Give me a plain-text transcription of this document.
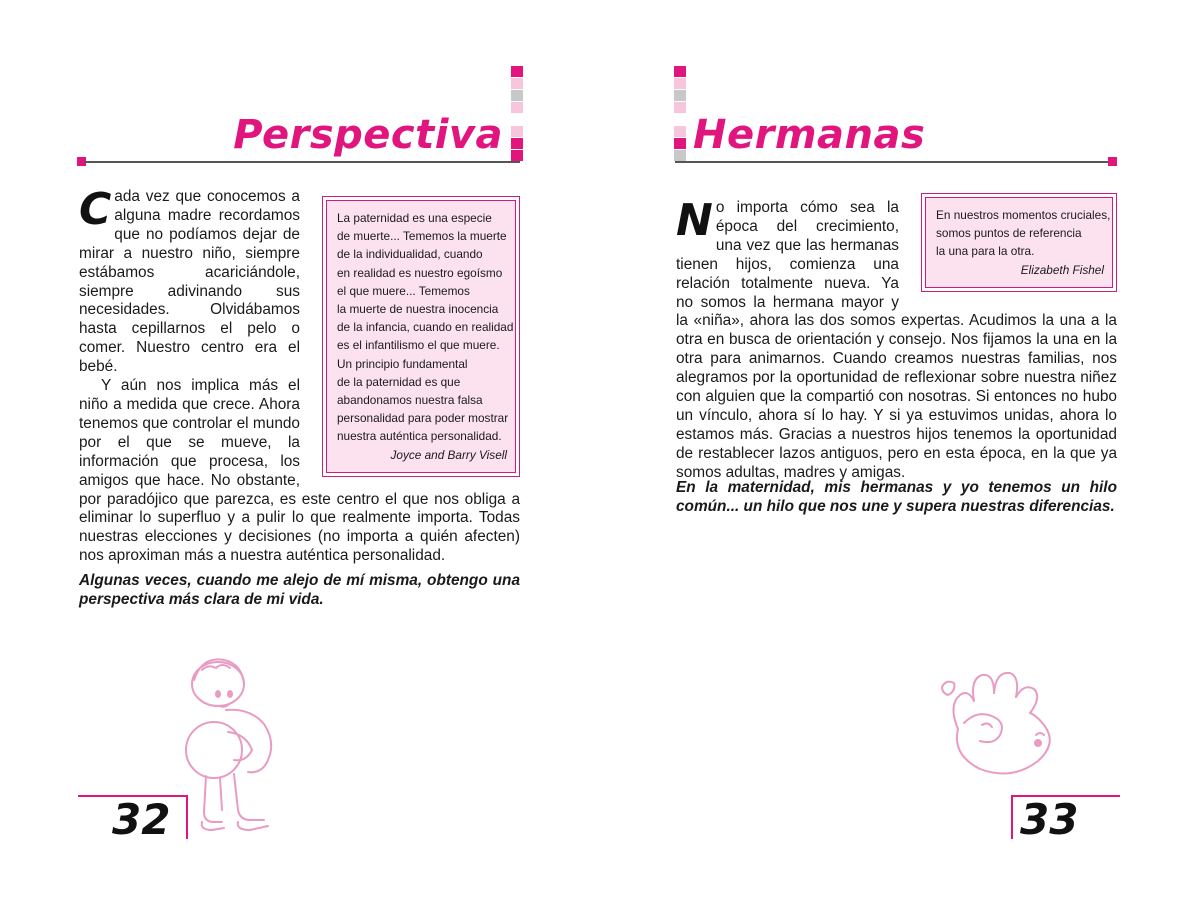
Perspectiva
La paternidad es una especie
de muerte... Tememos la muerte
de la individualidad, cuando
en realidad es nuestro egoísmo
el que muere... Tememos
la muerte de nuestra inocencia
de la infancia, cuando en realidad
es el infantilismo el que muere.
Un principio fundamental
de la paternidad es que
abandonamos nuestra falsa
personalidad para poder mostrar
nuestra auténtica personalidad.
Joyce and Barry Visell

Cada vez que conocemos a alguna madre recordamos que no podíamos dejar de mirar a nuestro niño, siempre estábamos acariciándole, siempre adivinando sus necesidades. Olvidábamos hasta cepillarnos el pelo o comer. Nuestro centro era el bebé.

Y aún nos implica más el niño a medida que crece. Ahora tenemos que controlar el mundo por el que se mueve, la información que procesa, los amigos que hace. No obstante, por paradójico que parezca, es este centro el que nos obliga a eliminar lo superfluo y a pulir lo que realmente importa. Todas nuestras elecciones y decisiones (no importa a quién afecten) nos aproximan más a nuestra auténtica personalidad.

Algunas veces, cuando me alejo de mí misma, obtengo una perspectiva más clara de mi vida.
32
Hermanas
En nuestros momentos cruciales,
somos puntos de referencia
la una para la otra.
Elizabeth Fishel

No importa cómo sea la época del crecimiento, una vez que las hermanas tienen hijos, comienza una relación totalmente nueva. Ya no somos la hermana mayor y la «niña», ahora las dos somos expertas. Acudimos la una a la otra en busca de orientación y consejo. Nos fijamos la una en la otra para animarnos. Cuando creamos nuestras familias, nos alegramos por la oportunidad de reflexionar sobre nuestra niñez con alguien que la compartió con nosotras. Si entonces no hubo un vínculo, ahora sí lo hay. Y si ya estuvimos unidas, ahora lo estamos más. Gracias a nuestros hijos tenemos la oportunidad de restablecer lazos antiguos, pero en esta época, en la que ya somos adultas, madres y amigas.

En la maternidad, mis hermanas y yo tenemos un hilo común... un hilo que nos une y supera nuestras diferencias.
33
